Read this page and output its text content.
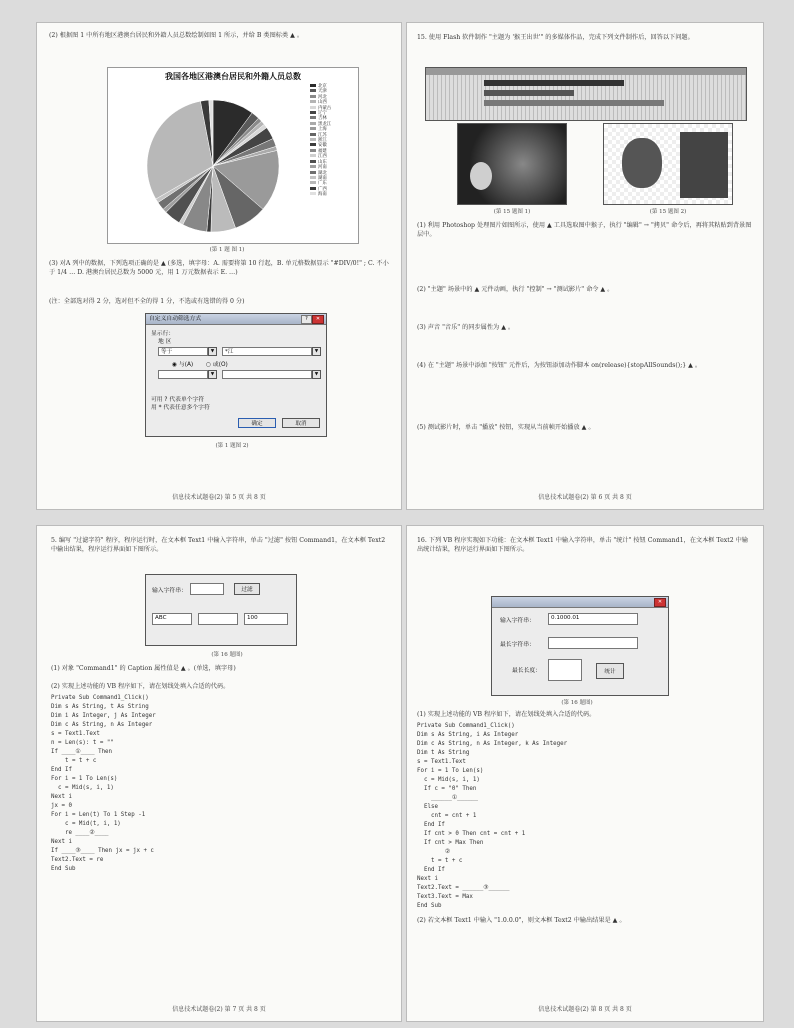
(2) 根据图 1 中所有地区港澳台居民和外籍人员总数绘制如图 1 所示，并给 B 类图标类 ▲ 。
我国各地区港澳台居民和外籍人员总数
北京
天津
河北
山西
内蒙古
辽宁
吉林
黑龙江
上海
江苏
浙江
安徽
福建
江西
山东
河南
湖北
湖南
广东
广西
海南
(第 1 题 图 1)
(3) 对A 列中的数据，下列选项正确的是 ▲ (多选，填字母：A. 需要将第 10 行起，B. 单元格数据显示 "#DIV/0!" ; C. 不小于 1/4 … D. 港澳台居民总数为 5000 元，用 1 万元数据表示 E. …)
(注：全部选对得 2 分，选对但不全的得 1 分，不选或有选错的得 0 分)
自定义自动筛选方式	?	✕
显示行：
地 区
等于	▼	*江	▼
◉ 与(A) ○ 或(O)
▼	▼
可用 ? 代表单个字符
用 * 代表任意多个字符
确定	取消
(第 1 题图 2)
信息技术试题卷(2) 第 5 页 共 8 页
15. 使用 Flash 软件制作 "主题为 '猴王出世'" 的多媒体作品，完成下列文件制作后，回答以下问题。
(第 15 题图 1)	(第 15 题图 2)
(1) 利用 Photoshop 处理图片如图所示，使用 ▲ 工具选取图中猴子，执行 "编辑" → "拷贝" 命令后，再将其粘贴到背景图层中。
(2) "主题" 场景中的 ▲ 元件动画，执行 "控制" → "测试影片" 命令 ▲ 。
(3) 声音 "音乐" 的同步属性为 ▲ 。
(4) 在 "主题" 场景中添加 "按钮" 元件后，为按钮添加动作脚本 on(release){stopAllSounds();} ▲ 。
(5) 测试影片时，单击 "播放" 按钮，实现从当前帧开始播放 ▲ 。
信息技术试题卷(2) 第 6 页 共 8 页
5. 编写 "过滤字符" 程序，程序运行时，在文本框 Text1 中输入字符串，单击 "过滤" 按钮 Command1，在文本框 Text2 中输出结果，程序运行界面如下图所示。
输入字符串：	过滤
ABC	100
(第 16 题图)
(1) 对象 "Command1" 的 Caption 属性值是 ▲ 。(单选，填字母)
(2) 实现上述功能的 VB 程序如下，请在划线处填入合适的代码。
Private Sub Command1_Click()
Dim s As String, t As String
Dim i As Integer, j As Integer
Dim c As String, n As Integer
s = Text1.Text
n = Len(s): t = ""
If ____①____ Then
t = t + c
End If
For i = 1 To Len(s)
c = Mid(s, i, 1)
Next i
jx = 0
For i = Len(t) To 1 Step -1
c = Mid(t, i, 1)
re ____②____
Next i
If ____③____ Then jx = jx + c
Text2.Text = re
End Sub
信息技术试题卷(2) 第 7 页 共 8 页
16. 下列 VB 程序实现如下功能：在文本框 Text1 中输入字符串，单击 "统计" 按钮 Command1，在文本框 Text2 中输出统计结果，程序运行界面如下图所示。
✕
输入字符串：	0.1000.01
最长字符串：
最长长度：	统计
(第 16 题图)
(1) 实现上述功能的 VB 程序如下，请在划线处填入合适的代码。
Private Sub Command1_Click()
Dim s As String, i As Integer
Dim c As String, n As Integer, k As Integer
Dim t As String
s = Text1.Text
For i = 1 To Len(s)
c = Mid(s, i, 1)
If c = "0" Then
______①______
Else
cnt = cnt + 1
End If
If cnt > 0 Then cnt = cnt + 1
If cnt > Max Then
②
t = t + c
End If
Next i
Text2.Text = ______③______
Text3.Text = Max
End Sub
(2) 若文本框 Text1 中输入 "1.0.0.0"，则文本框 Text2 中输出结果是 ▲ 。
信息技术试题卷(2) 第 8 页 共 8 页
